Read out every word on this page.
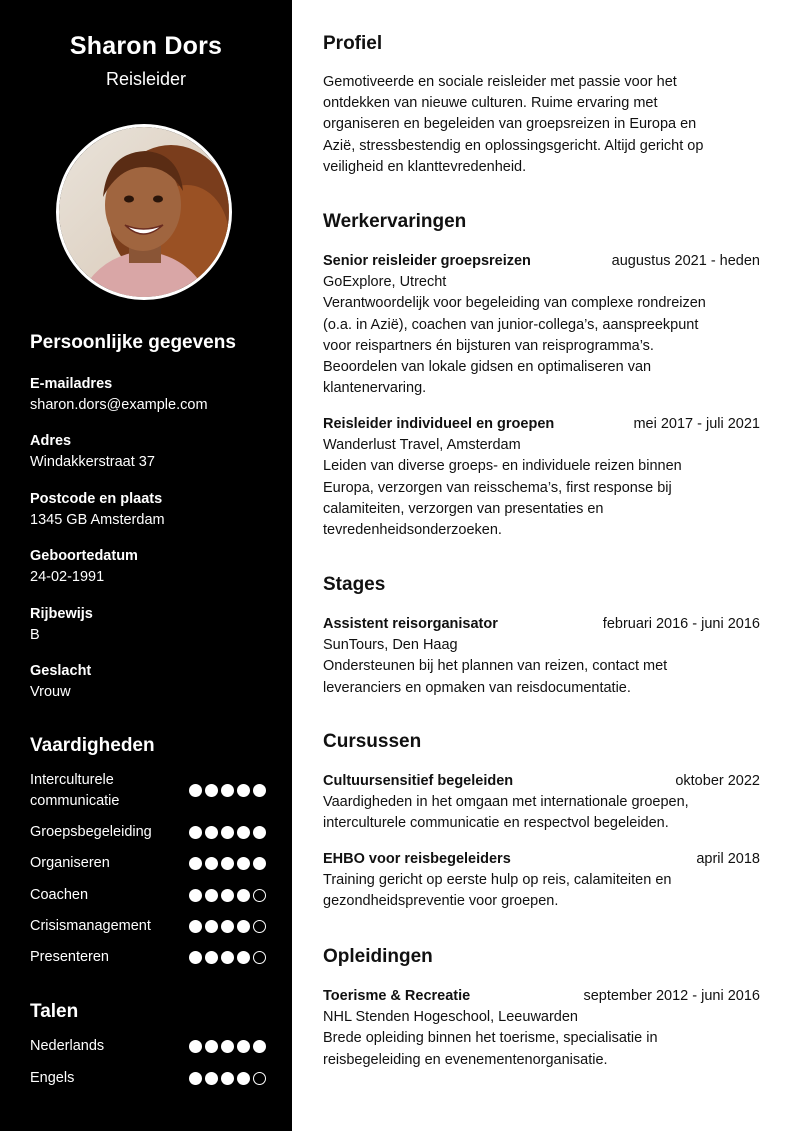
Sharon Dors
Reisleider
Persoonlijke gegevens
E-mailadres
sharon.dors@example.com
Adres
Windakkerstraat 37
Postcode en plaats
1345 GB Amsterdam
Geboortedatum
24-02-1991
Rijbewijs
B
Geslacht
Vrouw
Vaardigheden
Interculturele
communicatie
Groepsbegeleiding
Organiseren
Coachen
Crisismanagement
Presenteren
Talen
Nederlands
Engels
Profiel
Gemotiveerde en sociale reisleider met passie voor het
ontdekken van nieuwe culturen. Ruime ervaring met
organiseren en begeleiden van groepsreizen in Europa en
Azië, stressbestendig en oplossingsgericht. Altijd gericht op
veiligheid en klanttevredenheid.
Werkervaringen
Senior reisleider groepsreizen	augustus 2021 - heden
GoExplore, Utrecht
Verantwoordelijk voor begeleiding van complexe rondreizen
(o.a. in Azië), coachen van junior-collega’s, aanspreekpunt
voor reispartners én bijsturen van reisprogramma’s.
Beoordelen van lokale gidsen en optimaliseren van
klantenervaring.
Reisleider individueel en groepen	mei 2017 - juli 2021
Wanderlust Travel, Amsterdam
Leiden van diverse groeps- en individuele reizen binnen
Europa, verzorgen van reisschema’s, first response bij
calamiteiten, verzorgen van presentaties en
tevredenheidsonderzoeken.
Stages
Assistent reisorganisator	februari 2016 - juni 2016
SunTours, Den Haag
Ondersteunen bij het plannen van reizen, contact met
leveranciers en opmaken van reisdocumentatie.
Cursussen
Cultuursensitief begeleiden	oktober 2022
Vaardigheden in het omgaan met internationale groepen,
interculturele communicatie en respectvol begeleiden.
EHBO voor reisbegeleiders	april 2018
Training gericht op eerste hulp op reis, calamiteiten en
gezondheidspreventie voor groepen.
Opleidingen
Toerisme & Recreatie	september 2012 - juni 2016
NHL Stenden Hogeschool, Leeuwarden
Brede opleiding binnen het toerisme, specialisatie in
reisbegeleiding en evenementenorganisatie.
